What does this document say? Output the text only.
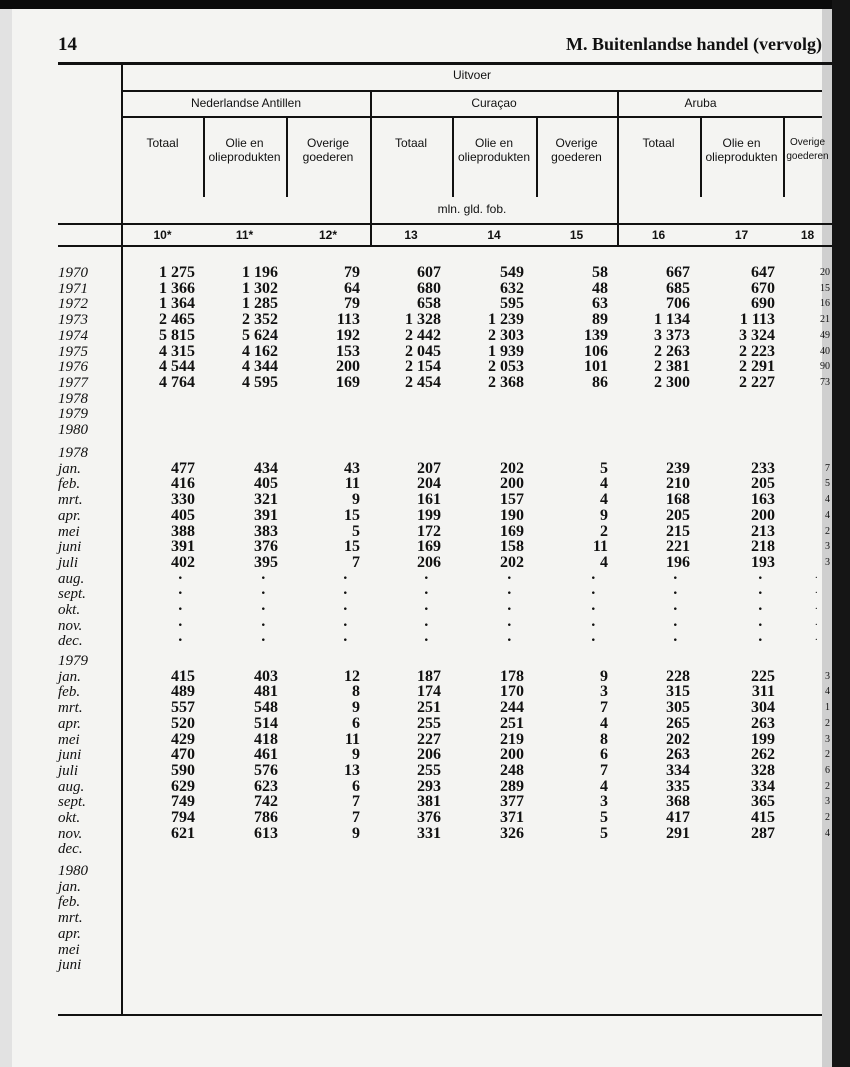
14	M. Buitenlandse handel (vervolg)
Uitvoer
Nederlandse Antillen	Curaçao	Aruba
Totaal	Olie en olieprodukten
Overige goederen
Totaal	Olie en olieprodukten
Overige goederen
Totaal	Olie en olieprodukten
Overige goederen
mln. gld. fob.
10*	11*	12*	13	14	15	16	17	18
1970	1 275	1 196	79	607	549	58	667	647	20
1971	1 366	1 302	64	680	632	48	685	670	15
1972	1 364	1 285	79	658	595	63	706	690	16
1973	2 465	2 352	113	1 328	1 239	89	1 134	1 113	21
1974	5 815	5 624	192	2 442	2 303	139	3 373	3 324	49
1975	4 315	4 162	153	2 045	1 939	106	2 263	2 223	40
1976	4 544	4 344	200	2 154	2 053	101	2 381	2 291	90
1977	4 764	4 595	169	2 454	2 368	86	2 300	2 227	73
1978
1979
1980
1978
jan.	477	434	43	207	202	5	239	233	7
feb.	416	405	11	204	200	4	210	205	5
mrt.	330	321	9	161	157	4	168	163	4
apr.	405	391	15	199	190	9	205	200	4
mei	388	383	5	172	169	2	215	213	2
juni	391	376	15	169	158	11	221	218	3
juli	402	395	7	206	202	4	196	193	3
aug.	·	·	·	·	·	·	·	·	·
sept.	·	·	·	·	·	·	·	·	·
okt.	·	·	·	·	·	·	·	·	·
nov.	·	·	·	·	·	·	·	·	·
dec.	·	·	·	·	·	·	·	·	·
1979
jan.	415	403	12	187	178	9	228	225	3
feb.	489	481	8	174	170	3	315	311	4
mrt.	557	548	9	251	244	7	305	304	1
apr.	520	514	6	255	251	4	265	263	2
mei	429	418	11	227	219	8	202	199	3
juni	470	461	9	206	200	6	263	262	2
juli	590	576	13	255	248	7	334	328	6
aug.	629	623	6	293	289	4	335	334	2
sept.	749	742	7	381	377	3	368	365	3
okt.	794	786	7	376	371	5	417	415	2
nov.	621	613	9	331	326	5	291	287	4
dec.
1980
jan.
feb.
mrt.
apr.
mei
juni
